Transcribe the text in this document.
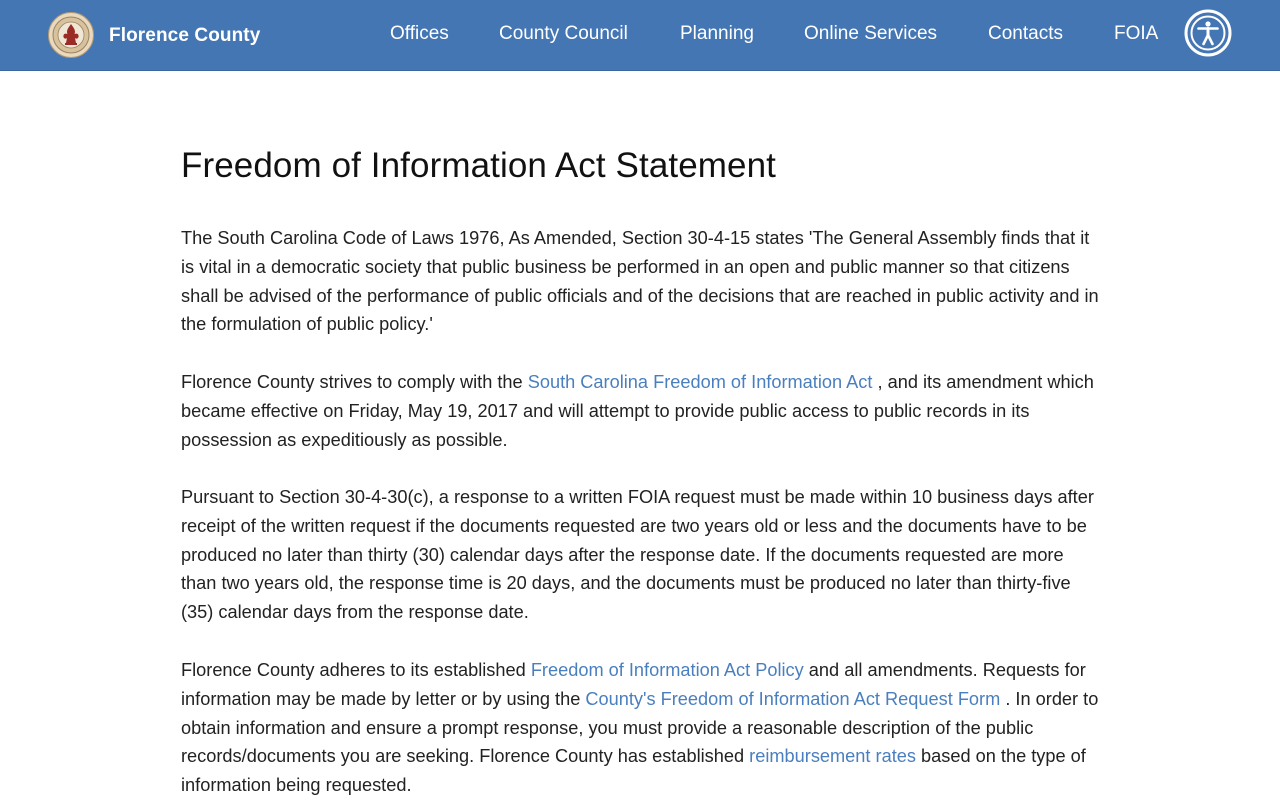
Florence County	Offices	County Council	Planning	Online Services	Contacts	FOIA
Freedom of Information Act Statement

The South Carolina Code of Laws 1976, As Amended, Section 30-4-15 states 'The General Assembly finds that it is vital in a democratic society that public business be performed in an open and public manner so that citizens shall be advised of the performance of public officials and of the decisions that are reached in public activity and in the formulation of public policy.'

Florence County strives to comply with the South Carolina Freedom of Information Act , and its amendment which became effective on Friday, May 19, 2017 and will attempt to provide public access to public records in its possession as expeditiously as possible.

Pursuant to Section 30-4-30(c), a response to a written FOIA request must be made within 10 business days after receipt of the written request if the documents requested are two years old or less and the documents have to be produced no later than thirty (30) calendar days after the response date. If the documents requested are more than two years old, the response time is 20 days, and the documents must be produced no later than thirty-five (35) calendar days from the response date.

Florence County adheres to its established Freedom of Information Act Policy and all amendments. Requests for information may be made by letter or by using the County's Freedom of Information Act Request Form . In order to obtain information and ensure a prompt response, you must provide a reasonable description of the public records/documents you are seeking. Florence County has established reimbursement rates based on the type of information being requested.
